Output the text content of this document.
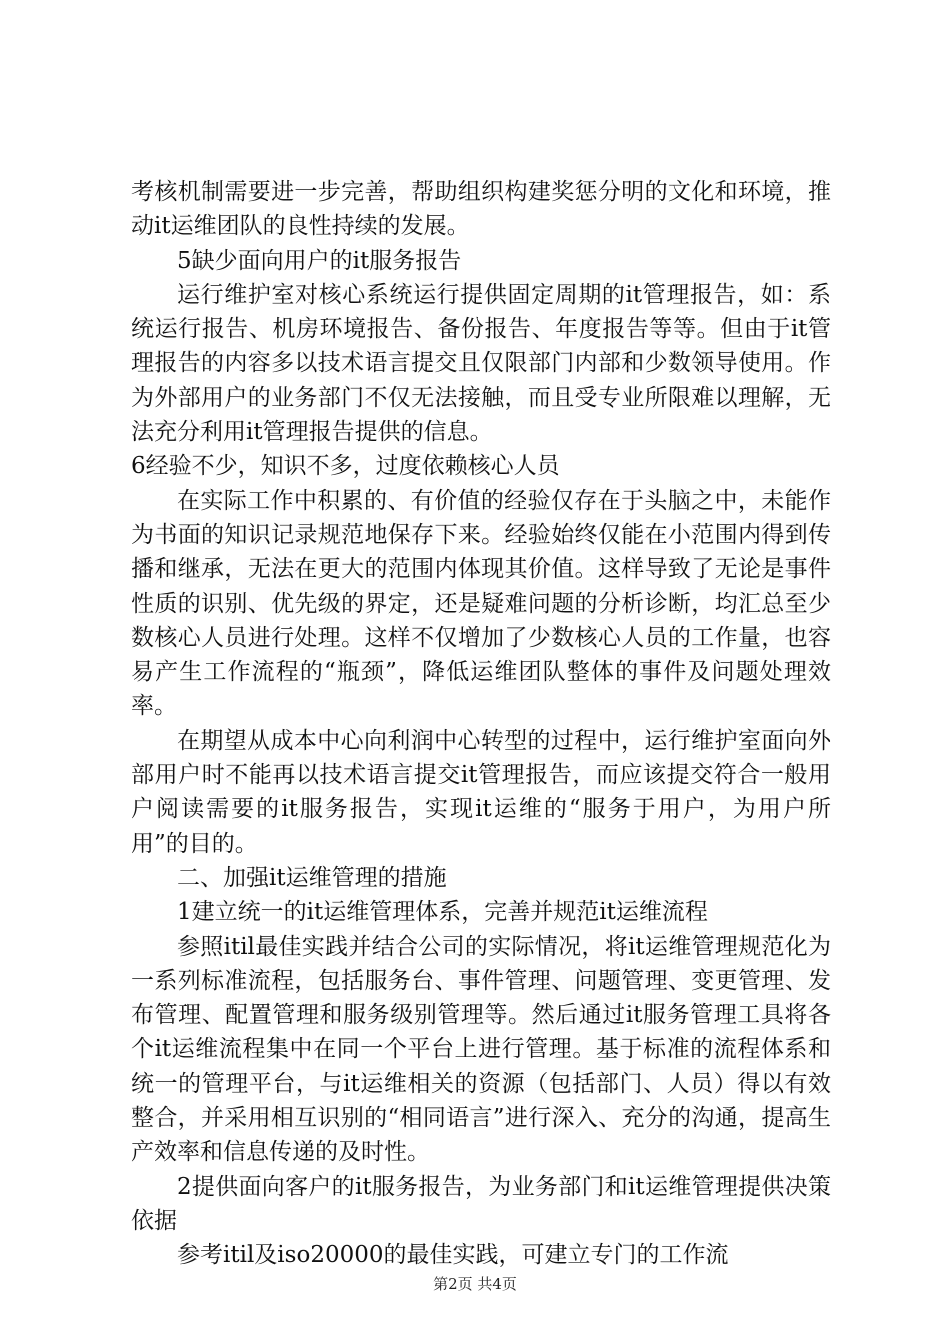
考核机制需要进一步完善，帮助组织构建奖惩分明的文化和环境，推动it运维团队的良性持续的发展。

5缺少面向用户的it服务报告

运行维护室对核心系统运行提供固定周期的it管理报告，如：系统运行报告、机房环境报告、备份报告、年度报告等等。但由于it管理报告的内容多以技术语言提交且仅限部门内部和少数领导使用。作为外部用户的业务部门不仅无法接触，而且受专业所限难以理解，无法充分利用it管理报告提供的信息。

6经验不少，知识不多，过度依赖核心人员

在实际工作中积累的、有价值的经验仅存在于头脑之中，未能作为书面的知识记录规范地保存下来。经验始终仅能在小范围内得到传播和继承，无法在更大的范围内体现其价值。这样导致了无论是事件性质的识别、优先级的界定，还是疑难问题的分析诊断，均汇总至少数核心人员进行处理。这样不仅增加了少数核心人员的工作量，也容易产生工作流程的“瓶颈”，降低运维团队整体的事件及问题处理效率。

在期望从成本中心向利润中心转型的过程中，运行维护室面向外部用户时不能再以技术语言提交it管理报告，而应该提交符合一般用户阅读需要的it服务报告，实现it运维的“服务于用户，为用户所用”的目的。

二、加强it运维管理的措施

1建立统一的it运维管理体系，完善并规范it运维流程

参照itil最佳实践并结合公司的实际情况，将it运维管理规范化为一系列标准流程，包括服务台、事件管理、问题管理、变更管理、发布管理、配置管理和服务级别管理等。然后通过it服务管理工具将各个it运维流程集中在同一个平台上进行管理。基于标准的流程体系和统一的管理平台，与it运维相关的资源（包括部门、人员）得以有效整合，并采用相互识别的“相同语言”进行深入、充分的沟通，提高生产效率和信息传递的及时性。

2提供面向客户的it服务报告，为业务部门和it运维管理提供决策依据

参考itil及iso20000的最佳实践，可建立专门的工作流

第2页 共4页
